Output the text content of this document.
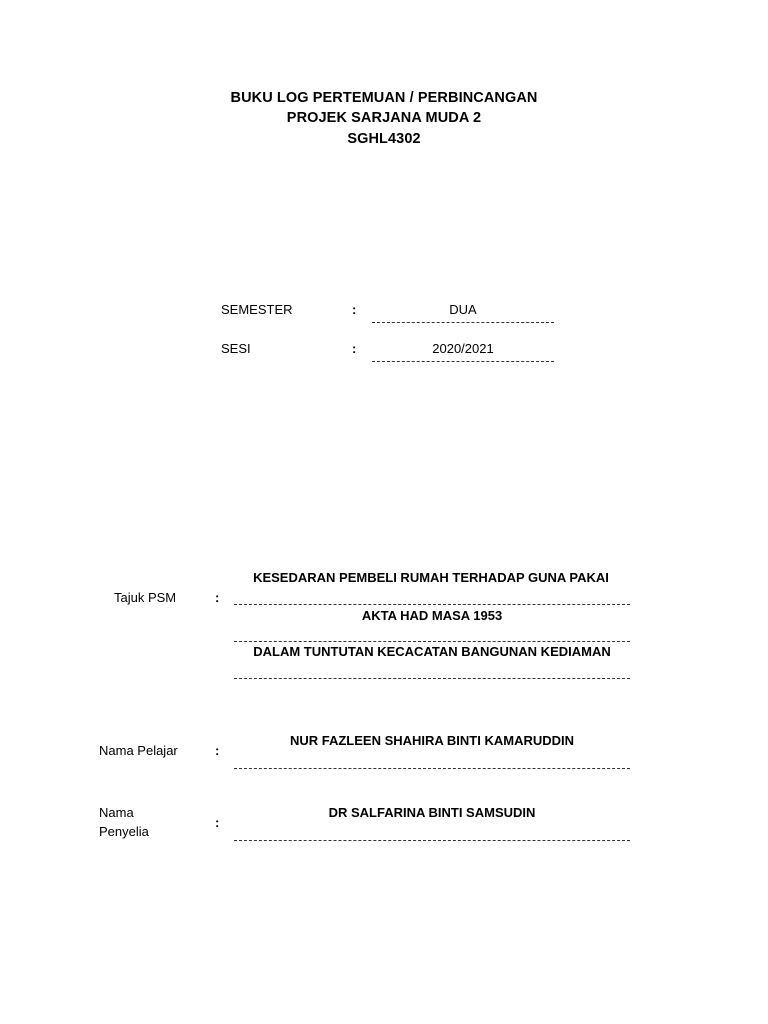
BUKU LOG PERTEMUAN / PERBINCANGAN
PROJEK SARJANA MUDA 2
SGHL4302
SEMESTER	:	DUA
SESI	:	2020/2021
Tajuk PSM	:
KESEDARAN PEMBELI RUMAH TERHADAP GUNA PAKAI
AKTA HAD MASA 1953
DALAM TUNTUTAN KECACATAN BANGUNAN KEDIAMAN
Nama Pelajar	:
NUR FAZLEEN SHAHIRA BINTI KAMARUDDIN
Nama
Penyelia
:
DR SALFARINA BINTI SAMSUDIN
